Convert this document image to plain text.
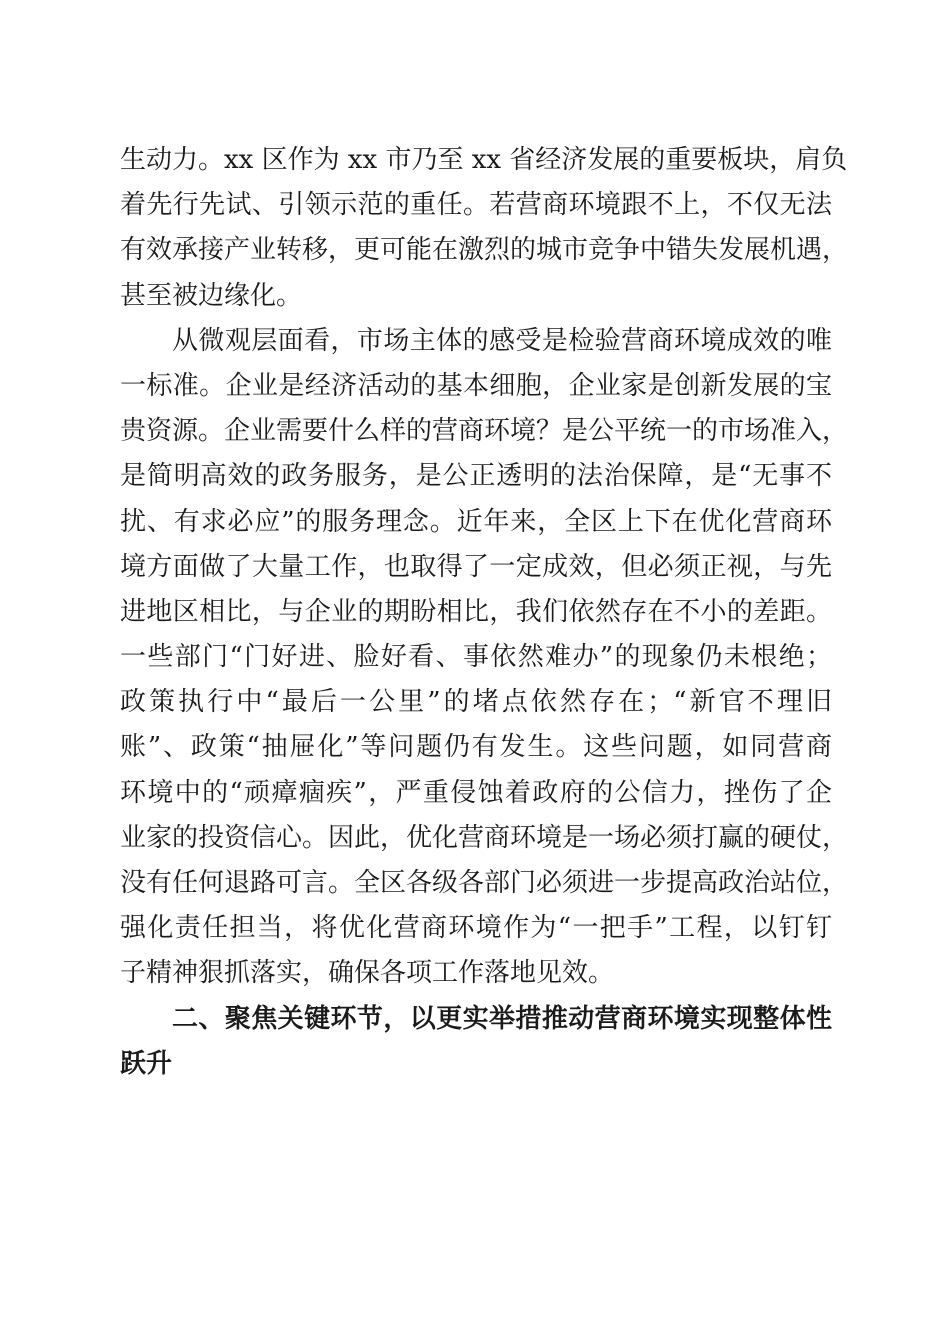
生动力。xx 区作为 xx 市乃至 xx 省经济发展的重要板块，肩负
着先行先试、引领示范的重任。若营商环境跟不上，不仅无法
有效承接产业转移，更可能在激烈的城市竞争中错失发展机遇，
甚至被边缘化。
从微观层面看，市场主体的感受是检验营商环境成效的唯
一标准。企业是经济活动的基本细胞，企业家是创新发展的宝
贵资源。企业需要什么样的营商环境？是公平统一的市场准入，
是简明高效的政务服务，是公正透明的法治保障，是“无事不
扰、有求必应”的服务理念。近年来，全区上下在优化营商环
境方面做了大量工作，也取得了一定成效，但必须正视，与先
进地区相比，与企业的期盼相比，我们依然存在不小的差距。
一些部门“门好进、脸好看、事依然难办”的现象仍未根绝；
政策执行中“最后一公里”的堵点依然存在；“新官不理旧
账”、政策“抽屉化”等问题仍有发生。这些问题，如同营商
环境中的“顽瘴痼疾”，严重侵蚀着政府的公信力，挫伤了企
业家的投资信心。因此，优化营商环境是一场必须打赢的硬仗，
没有任何退路可言。全区各级各部门必须进一步提高政治站位，
强化责任担当，将优化营商环境作为“一把手”工程，以钉钉
子精神狠抓落实，确保各项工作落地见效。
二、聚焦关键环节，以更实举措推动营商环境实现整体性
跃升
